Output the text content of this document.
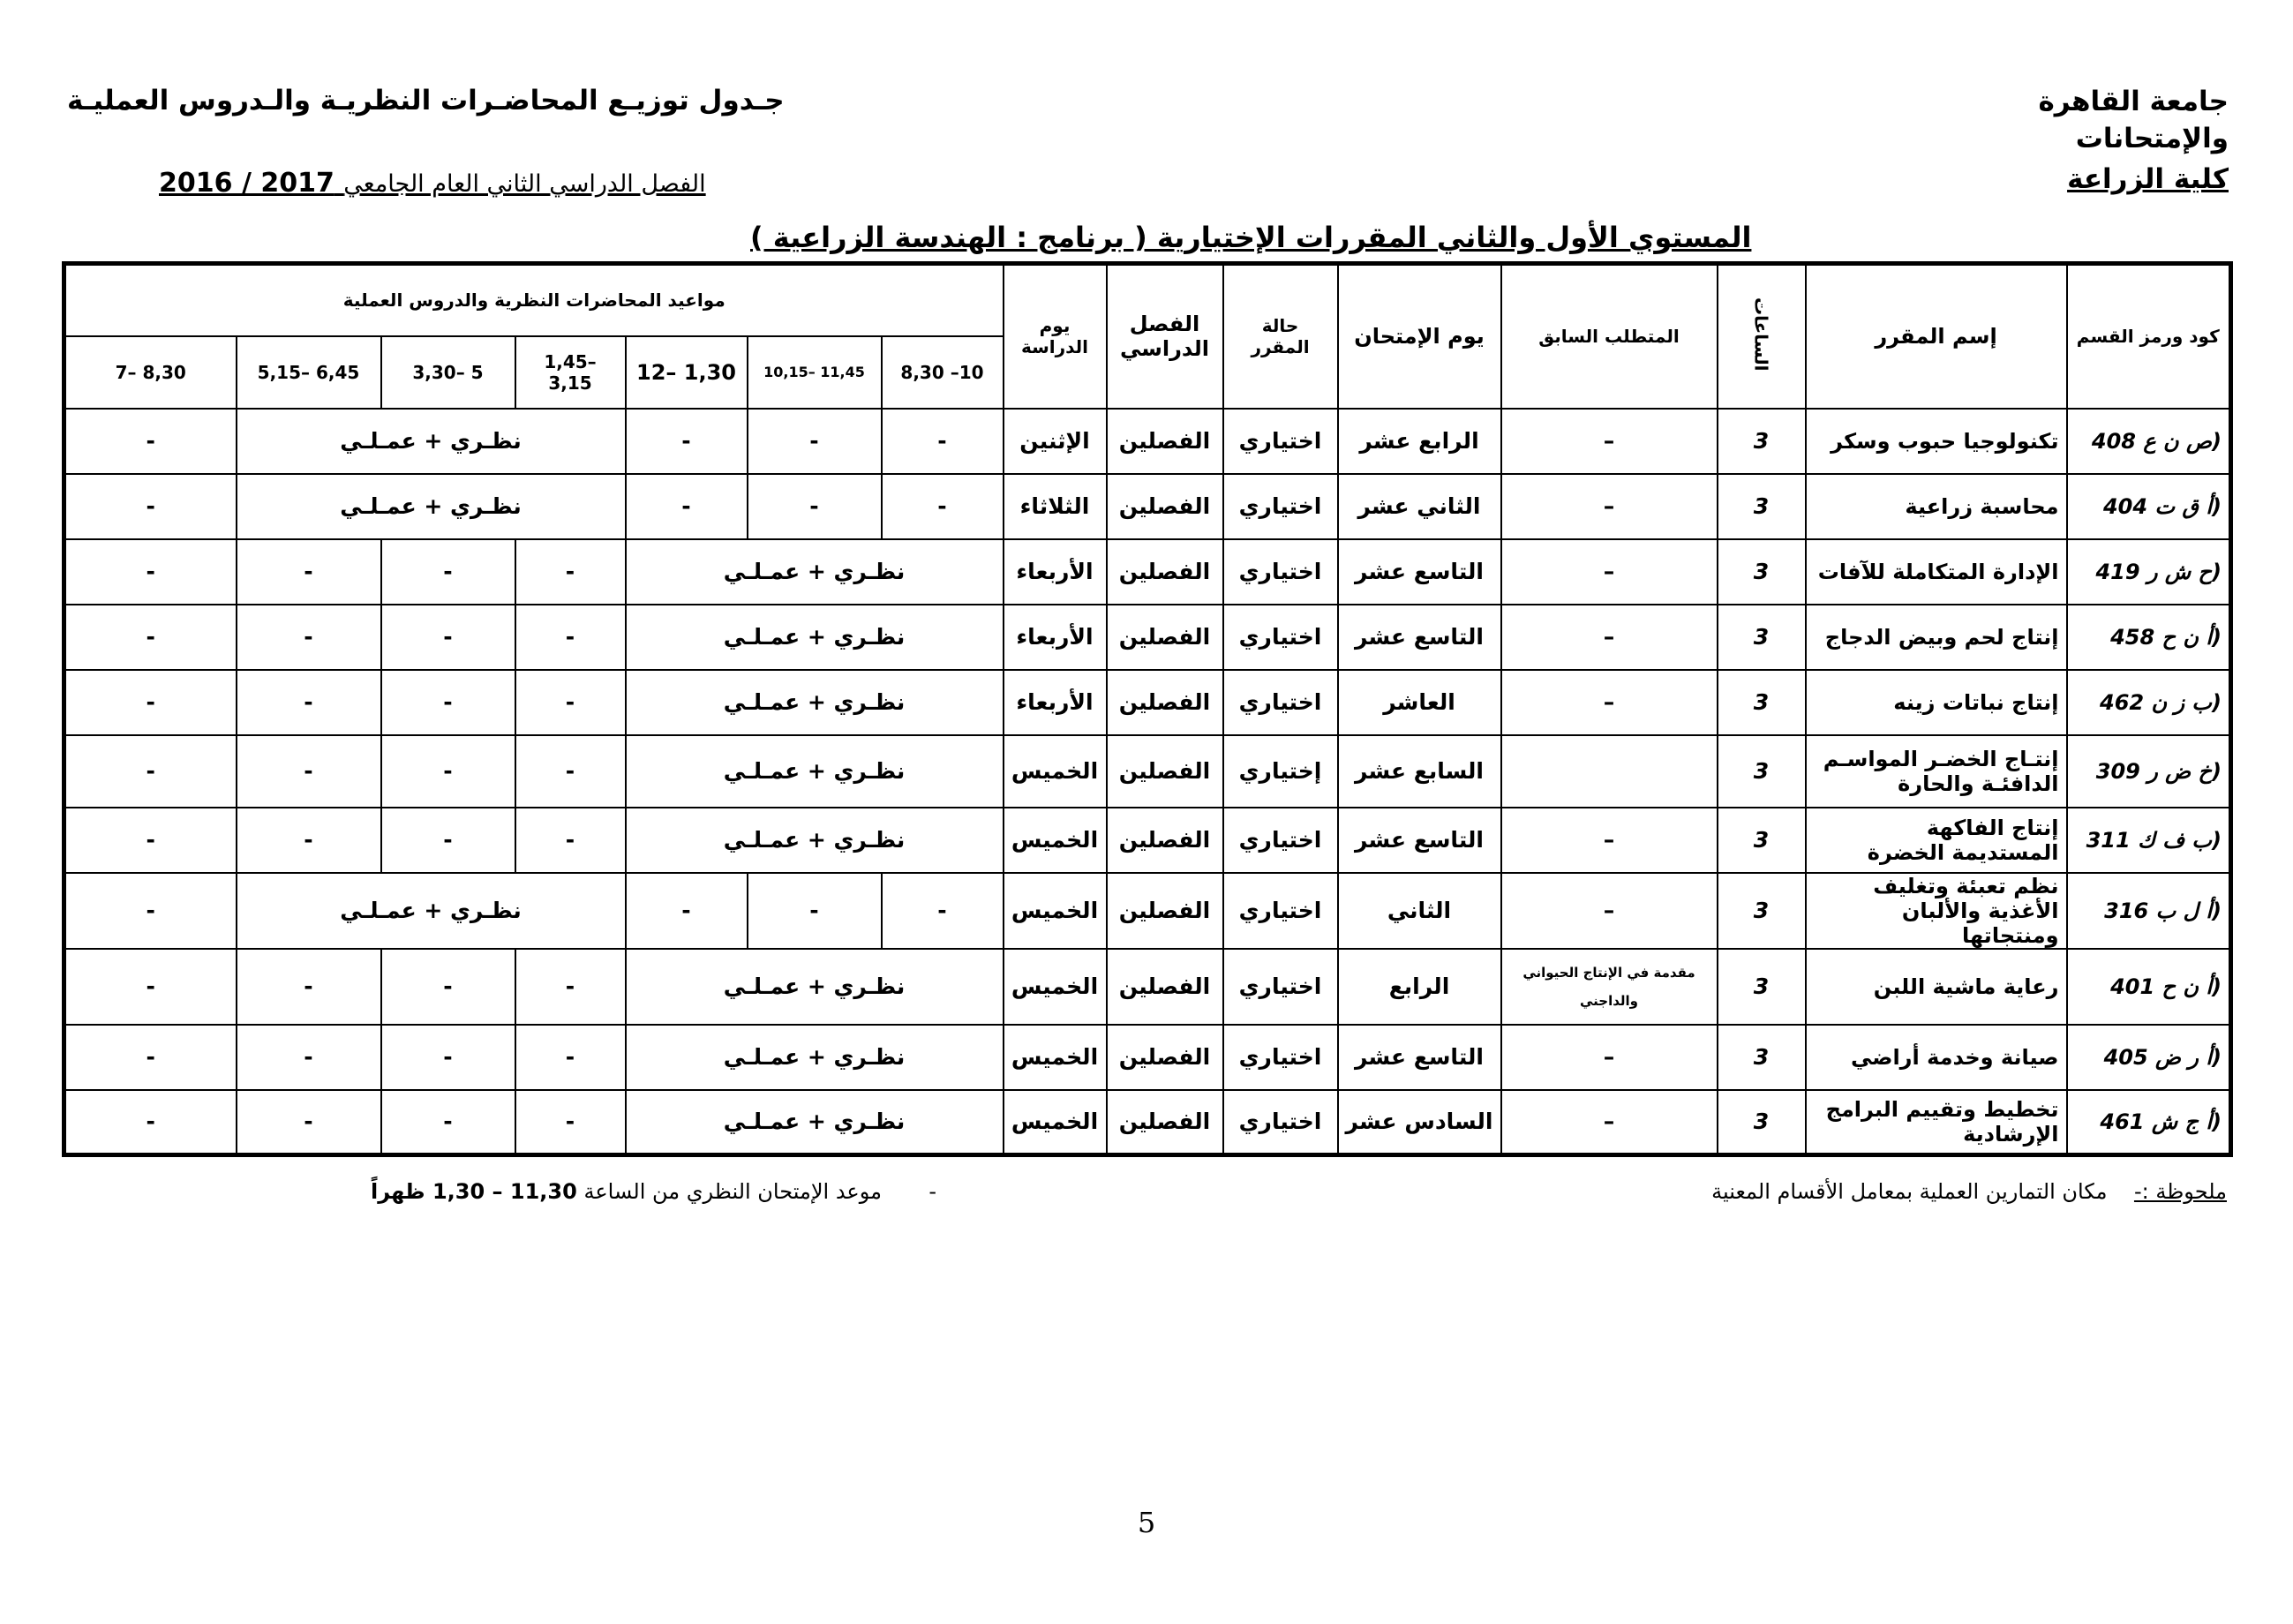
جامعة القاهرة
والإمتحانات
كلية الزراعة
جـدول توزيـع المحاضـرات النظريـة والـدروس العمليـة
الفصل الدراسي الثاني العام الجامعي 2016 / 2017
المستوي الأول والثاني المقررات الإختيارية ( برنامج : الهندسة الزراعية )
كود ورمز القسم	إسم المقرر	الساعات	المتطلب السابق	يوم الإمتحان	حالة المقرر	الفصل الدراسي	يوم الدراسة	مواعيد المحاضرات النظرية والدروس العملية						
								8,30 –10	10,15– 11,45	12– 1,30	1,45– 3,15	3,30– 5	5,15– 6,45	7– 8,30
(ص ن ع 408	تكنولوجيا حبوب وسكر	3	–	الرابع عشر	اختياري	الفصلين	الإثنين	-	-	-	نظـري + عمـلـي			-
(أ ق ت 404	محاسبة زراعية	3	–	الثاني عشر	اختياري	الفصلين	الثلاثاء	-	-	-	نظـري + عمـلـي			-
(ح ش ر 419	الإدارة المتكاملة للآفات	3	–	التاسع عشر	اختياري	الفصلين	الأربعاء	نظـري + عمـلـي			-	-	-	-
(أ ن ح 458	إنتاج لحم وبيض الدجاج	3	–	التاسع عشر	اختياري	الفصلين	الأربعاء	نظـري + عمـلـي			-	-	-	-
(ب ز ن 462	إنتاج نباتات زينه	3	–	العاشر	اختياري	الفصلين	الأربعاء	نظـري + عمـلـي			-	-	-	-
(خ ض ر 309	إنتـاج الخضـر المواسـم الدافئـة والحارة	3		السابع عشر	إختياري	الفصلين	الخميس	نظـري + عمـلـي			-	-	-	-
(ب ف ك 311	إنتاج الفاكهة المستديمة الخضرة	3	–	التاسع عشر	اختياري	الفصلين	الخميس	نظـري + عمـلـي			-	-	-	-
(أ ل ب 316	نظم تعبئة وتغليف الأغذية والألبان ومنتجاتها	3	–	الثاني	اختياري	الفصلين	الخميس	-	-	-	نظـري + عمـلـي			-
(أ ن ح 401	رعاية ماشية اللبن	3	مقدمة في الإنتاج الحيواني والداجني	الرابع	اختياري	الفصلين	الخميس	نظـري + عمـلـي			-	-	-	-
(أ ر ض 405	صيانة وخدمة أراضي	3	–	التاسع عشر	اختياري	الفصلين	الخميس	نظـري + عمـلـي			-	-	-	-
(أ ج ش 461	تخطيط وتقييم البرامج الإرشادية	3	–	السادس عشر	اختياري	الفصلين	الخميس	نظـري + عمـلـي			-	-	-	-
ملحوظة :-    مكان التمارين العملية بمعامل الأقسام المعنية
-       موعد الإمتحان النظري من الساعة 11,30 – 1,30 ظهراً
5
